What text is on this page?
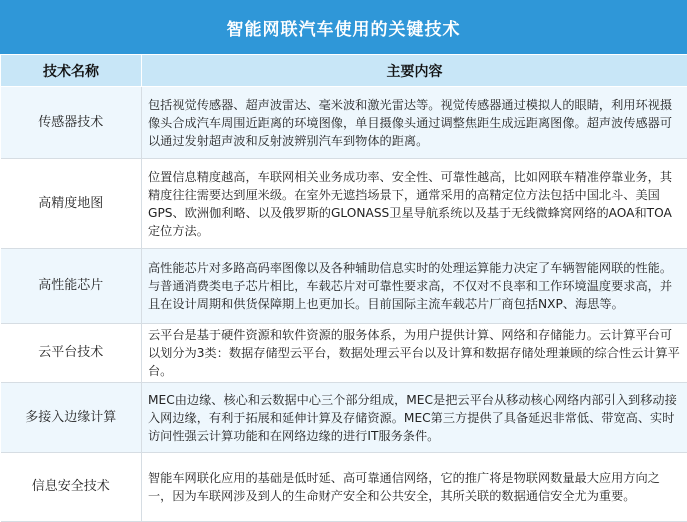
智能网联汽车使用的关键技术
技术名称	主要内容
传感器技术	包括视觉传感器、超声波雷达、毫米波和激光雷达等。视觉传感器通过模拟人的眼睛，利用环视摄像头合成汽车周围近距离的环境图像，单目摄像头通过调整焦距生成远距离图像。超声波传感器可以通过发射超声波和反射波辨别汽车到物体的距离。
高精度地图	位置信息精度越高，车联网相关业务成功率、安全性、可靠性越高，比如网联车精准停靠业务，其精度往往需要达到厘米级。在室外无遮挡场景下，通常采用的高精定位方法包括中国北斗、美国GPS、欧洲伽利略、以及俄罗斯的GLONASS卫星导航系统以及基于无线微蜂窝网络的AOA和TOA定位方法。
高性能芯片	高性能芯片对多路高码率图像以及各种辅助信息实时的处理运算能力决定了车辆智能网联的性能。与普通消费类电子芯片相比，车载芯片对可靠性要求高，不仅对不良率和工作环境温度要求高，并且在设计周期和供货保障期上也更加长。目前国际主流车载芯片厂商包括NXP、海思等。
云平台技术	云平台是基于硬件资源和软件资源的服务体系，为用户提供计算、网络和存储能力。云计算平台可以划分为3类：数据存储型云平台，数据处理云平台以及计算和数据存储处理兼顾的综合性云计算平台。
多接入边缘计算	MEC由边缘、核心和云数据中心三个部分组成，MEC是把云平台从移动核心网络内部引入到移动接入网边缘，有利于拓展和延伸计算及存储资源。MEC第三方提供了具备延迟非常低、带宽高、实时访问性强云计算功能和在网络边缘的进行IT服务条件。
信息安全技术	智能车网联化应用的基础是低时延、高可靠通信网络，它的推广将是物联网数量最大应用方向之一，因为车联网涉及到人的生命财产安全和公共安全，其所关联的数据通信安全尤为重要。
